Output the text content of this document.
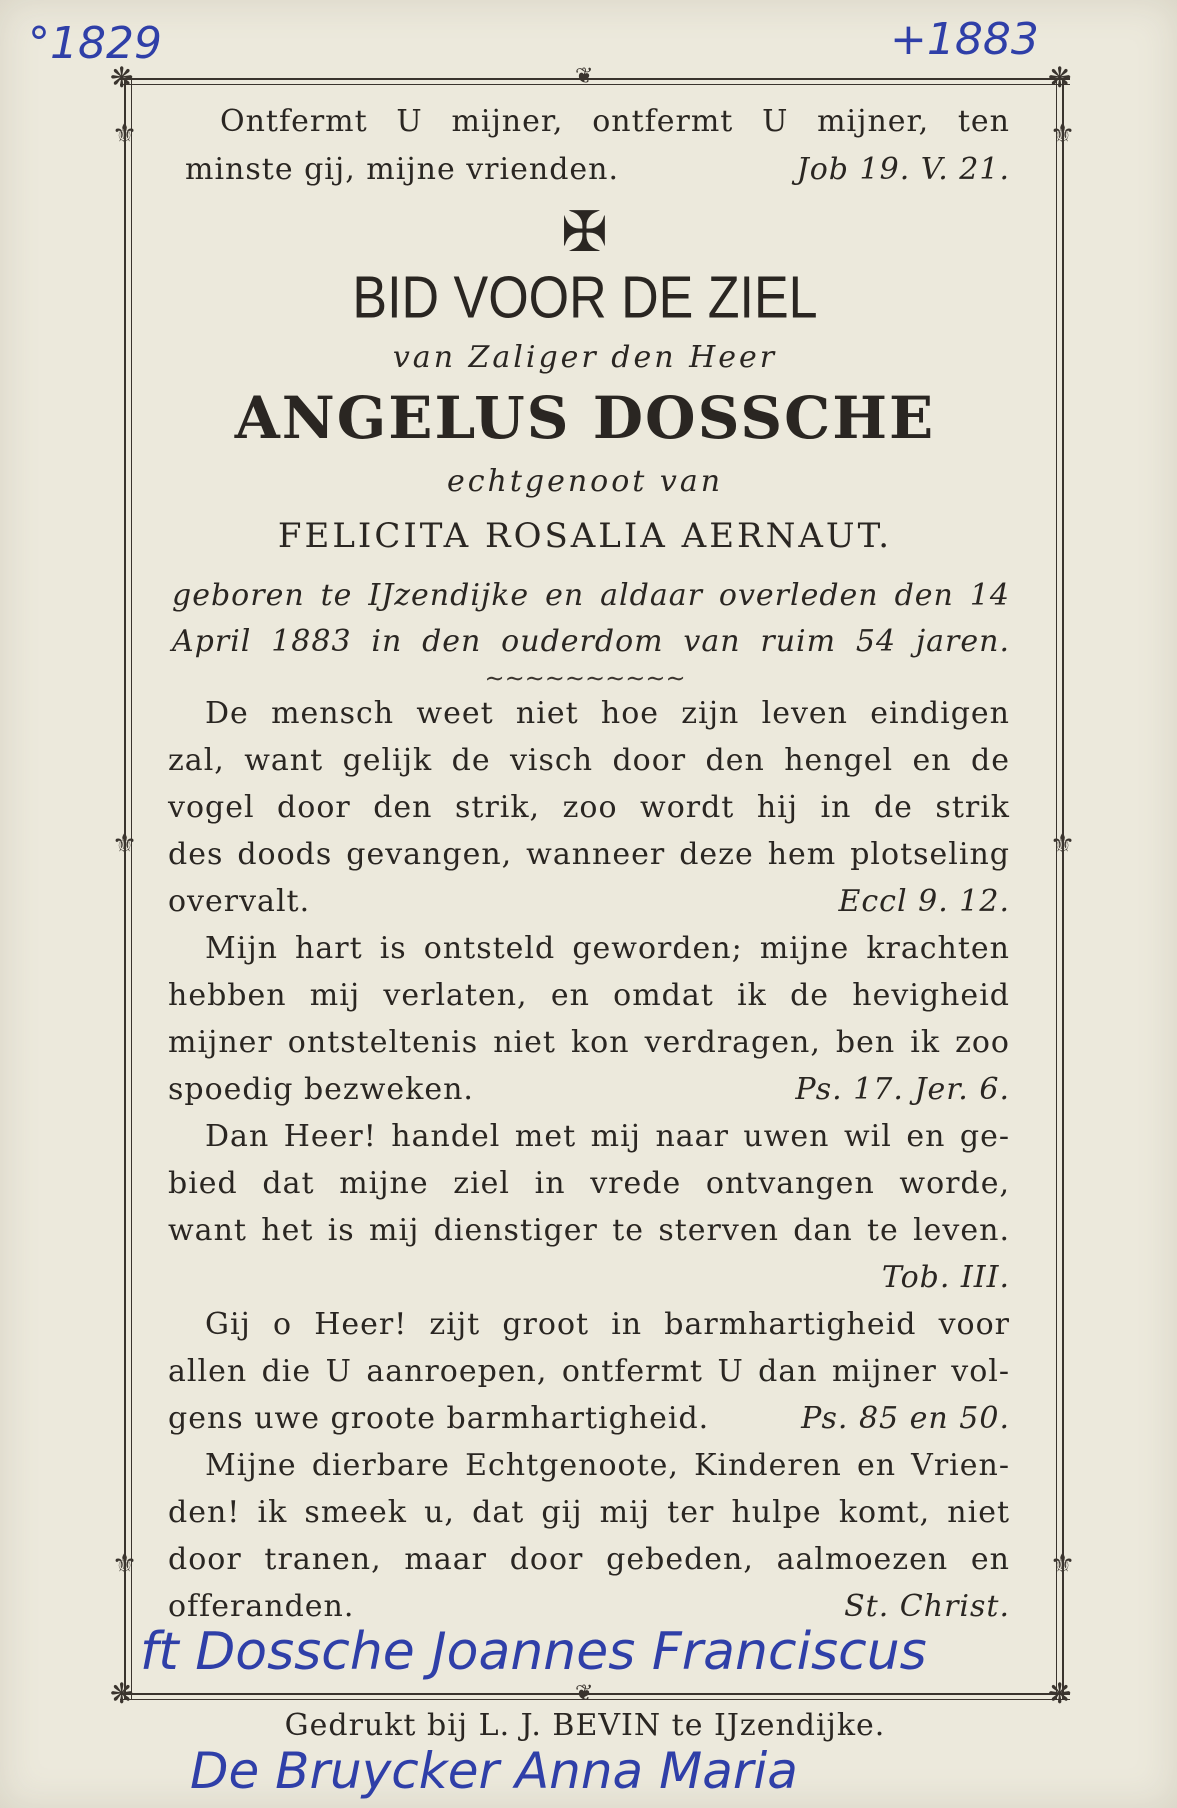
❋	❋
❋	❋
⚜	⚜
⚜	⚜
⚜	⚜
❦
❦
°1829	+1883
Ontfermt U mijner, ontfermt U mijner, ten
minste gij, mijne vrienden.	Job 19. V. 21.
✠
BID VOOR DE ZIEL
van Zaliger den Heer
ANGELUS DOSSCHE
echtgenoot van
FELICITA ROSALIA AERNAUT.
geboren te IJzendijke en aldaar overleden den 14
April 1883 in den ouderdom van ruim 54 jaren.
∼∼∼∼∼∼∼∼∼∼
De mensch weet niet hoe zijn leven eindigen
zal, want gelijk de visch door den hengel en de
vogel door den strik, zoo wordt hij in de strik
des doods gevangen, wanneer deze hem plotseling
overvalt.	Eccl 9. 12.
Mijn hart is ontsteld geworden; mijne krachten
hebben mij verlaten, en omdat ik de hevigheid
mijner ontsteltenis niet kon verdragen, ben ik zoo
spoedig bezweken.	Ps. 17. Jer. 6.
Dan Heer! handel met mij naar uwen wil en ge-
bied dat mijne ziel in vrede ontvangen worde,
want het is mij dienstiger te sterven dan te leven.
Tob. III.
Gij o Heer! zijt groot in barmhartigheid voor
allen die U aanroepen, ontfermt U dan mijner vol-
gens uwe groote barmhartigheid.	Ps. 85 en 50.
Mijne dierbare Echtgenoote, Kinderen en Vrien-
den! ik smeek u, dat gij mij ter hulpe komt, niet
door tranen, maar door gebeden, aalmoezen en
offeranden.	St. Christ.
ft Dossche Joannes Franciscus
Gedrukt bij L. J. BEVIN te IJzendijke.
De Bruycker Anna Maria
